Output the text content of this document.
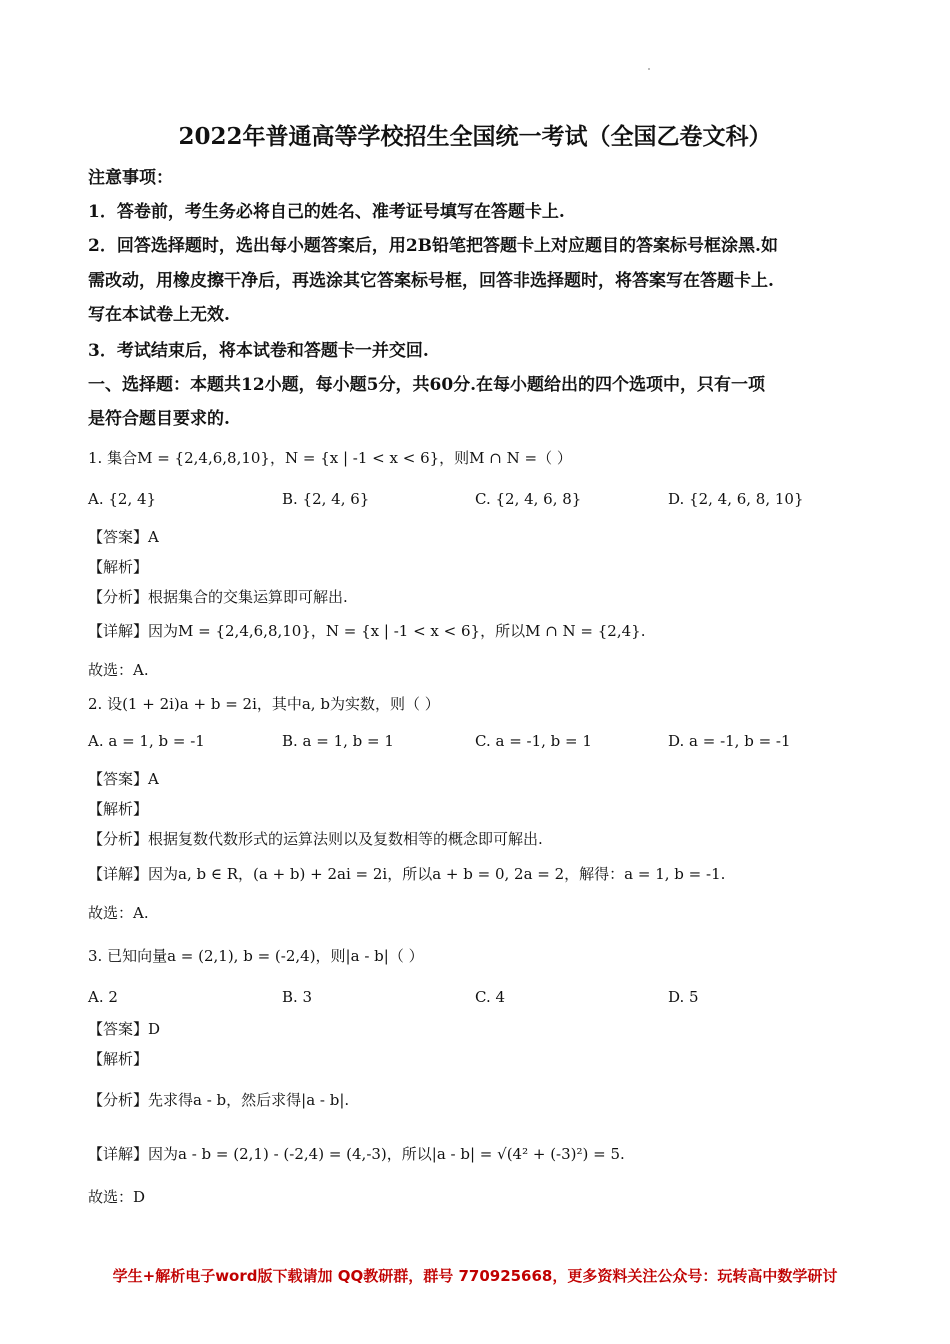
2022年普通高等学校招生全国统一考试（全国乙卷文科）
注意事项：
1．答卷前，考生务必将自己的姓名、准考证号填写在答题卡上.
2．回答选择题时，选出每小题答案后，用2B铅笔把答题卡上对应题目的答案标号框涂黑.如
需改动，用橡皮擦干净后，再选涂其它答案标号框，回答非选择题时，将答案写在答题卡上.
写在本试卷上无效.
3．考试结束后，将本试卷和答题卡一并交回.
一、选择题：本题共12小题，每小题5分，共60分.在每小题给出的四个选项中，只有一项
是符合题目要求的.
1. 集合M = {2,4,6,8,10}，N = {x | -1 < x < 6}，则M ∩ N =（ ）
A. {2, 4}	B. {2, 4, 6}	C. {2, 4, 6, 8}	D. {2, 4, 6, 8, 10}
【答案】A
【解析】
【分析】根据集合的交集运算即可解出.
【详解】因为M = {2,4,6,8,10}，N = {x | -1 < x < 6}，所以M ∩ N = {2,4}.
故选：A.
2. 设(1 + 2i)a + b = 2i，其中a, b为实数，则（ ）
A. a = 1, b = -1	B. a = 1, b = 1	C. a = -1, b = 1	D. a = -1, b = -1
【答案】A
【解析】
【分析】根据复数代数形式的运算法则以及复数相等的概念即可解出.
【详解】因为a, b ∈ R，(a + b) + 2ai = 2i，所以a + b = 0, 2a = 2，解得：a = 1, b = -1.
故选：A.
3. 已知向量a = (2,1), b = (-2,4)，则|a - b|（ ）
A. 2	B. 3	C. 4	D. 5
【答案】D
【解析】
【分析】先求得a - b，然后求得|a - b|.
【详解】因为a - b = (2,1) - (-2,4) = (4,-3)，所以|a - b| = √(4² + (-3)²) = 5.
故选：D
学生+解析电子word版下载请加 QQ教研群，群号 770925668，更多资料关注公众号：玩转高中数学研讨
